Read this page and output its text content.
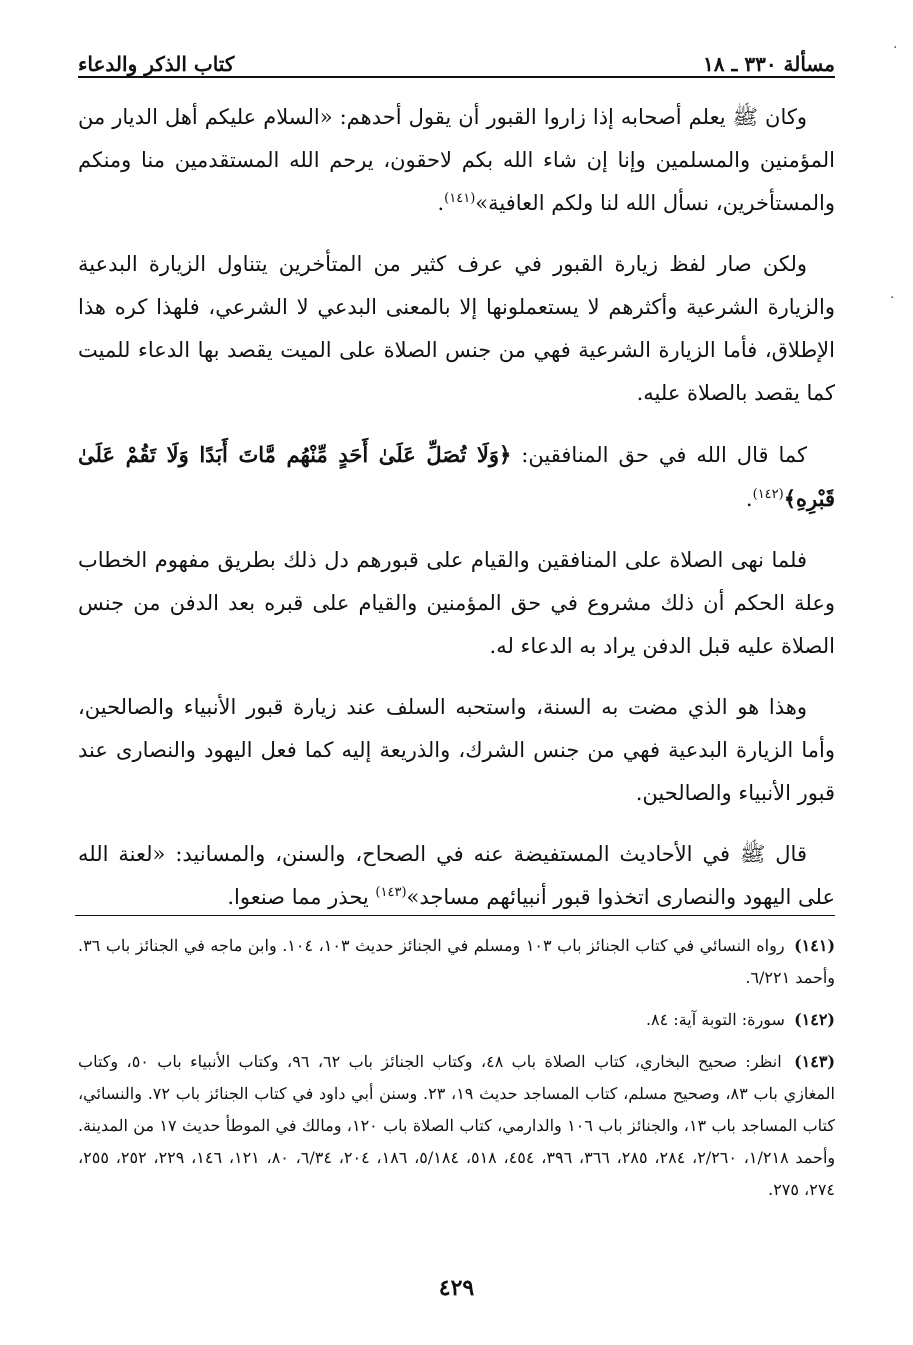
مسألة ٣٣٠ ـ ١٨
كتاب الذكر والدعاء

وكان ﷺ يعلم أصحابه إذا زاروا القبور أن يقول أحدهم: «السلام عليكم أهل الديار من المؤمنين والمسلمين وإنا إن شاء الله بكم لاحقون، يرحم الله المستقدمين منا ومنكم والمستأخرين، نسأل الله لنا ولكم العافية»$^{(١٤١)}$.

ولكن صار لفظ زيارة القبور في عرف كثير من المتأخرين يتناول الزيارة البدعية والزيارة الشرعية وأكثرهم لا يستعملونها إلا بالمعنى البدعي لا الشرعي، فلهذا كره هذا الإطلاق، فأما الزيارة الشرعية فهي من جنس الصلاة على الميت يقصد بها الدعاء للميت كما يقصد بالصلاة عليه.

كما قال الله في حق المنافقين: ﴿وَلَا تُصَلِّ عَلَىٰ أَحَدٍ مِّنْهُم مَّاتَ أَبَدًا وَلَا تَقُمْ عَلَىٰ قَبْرِهِ﴾$^{(١٤٢)}$.

فلما نهى الصلاة على المنافقين والقيام على قبورهم دل ذلك بطريق مفهوم الخطاب وعلة الحكم أن ذلك مشروع في حق المؤمنين والقيام على قبره بعد الدفن من جنس الصلاة عليه قبل الدفن يراد به الدعاء له.

وهذا هو الذي مضت به السنة، واستحبه السلف عند زيارة قبور الأنبياء والصالحين، وأما الزيارة البدعية فهي من جنس الشرك، والذريعة إليه كما فعل اليهود والنصارى عند قبور الأنبياء والصالحين.

قال ﷺ في الأحاديث المستفيضة عنه في الصحاح، والسنن، والمسانيد: «لعنة الله على اليهود والنصارى اتخذوا قبور أنبيائهم مساجد»$^{(١٤٣)}$ يحذر مما صنعوا.

(١٤١) رواه النسائي في كتاب الجنائز باب ١٠٣ ومسلم في الجنائز حديث ١٠٣، ١٠٤. وابن ماجه في الجنائز باب ٣٦. وأحمد ٦/٢٢١.

(١٤٢) سورة: التوبة آية: ٨٤.

(١٤٣) انظر: صحيح البخاري، كتاب الصلاة باب ٤٨، وكتاب الجنائز باب ٦٢، ٩٦، وكتاب الأنبياء باب ٥٠، وكتاب المغازي باب ٨٣، وصحيح مسلم، كتاب المساجد حديث ١٩، ٢٣. وسنن أبي داود في كتاب الجنائز باب ٧٢. والنسائي، كتاب المساجد باب ١٣، والجنائز باب ١٠٦ والدارمي، كتاب الصلاة باب ١٢٠، ومالك في الموطأ حديث ١٧ من المدينة. وأحمد ١/٢١٨، ٢/٢٦٠، ٢٨٤، ٢٨٥، ٣٦٦، ٣٩٦، ٤٥٤، ٥١٨، ٥/١٨٤، ١٨٦، ٢٠٤، ٦/٣٤، ٨٠، ١٢١، ١٤٦، ٢٢٩، ٢٥٢، ٢٥٥، ٢٧٤، ٢٧٥.

٤٢٩
·
·
